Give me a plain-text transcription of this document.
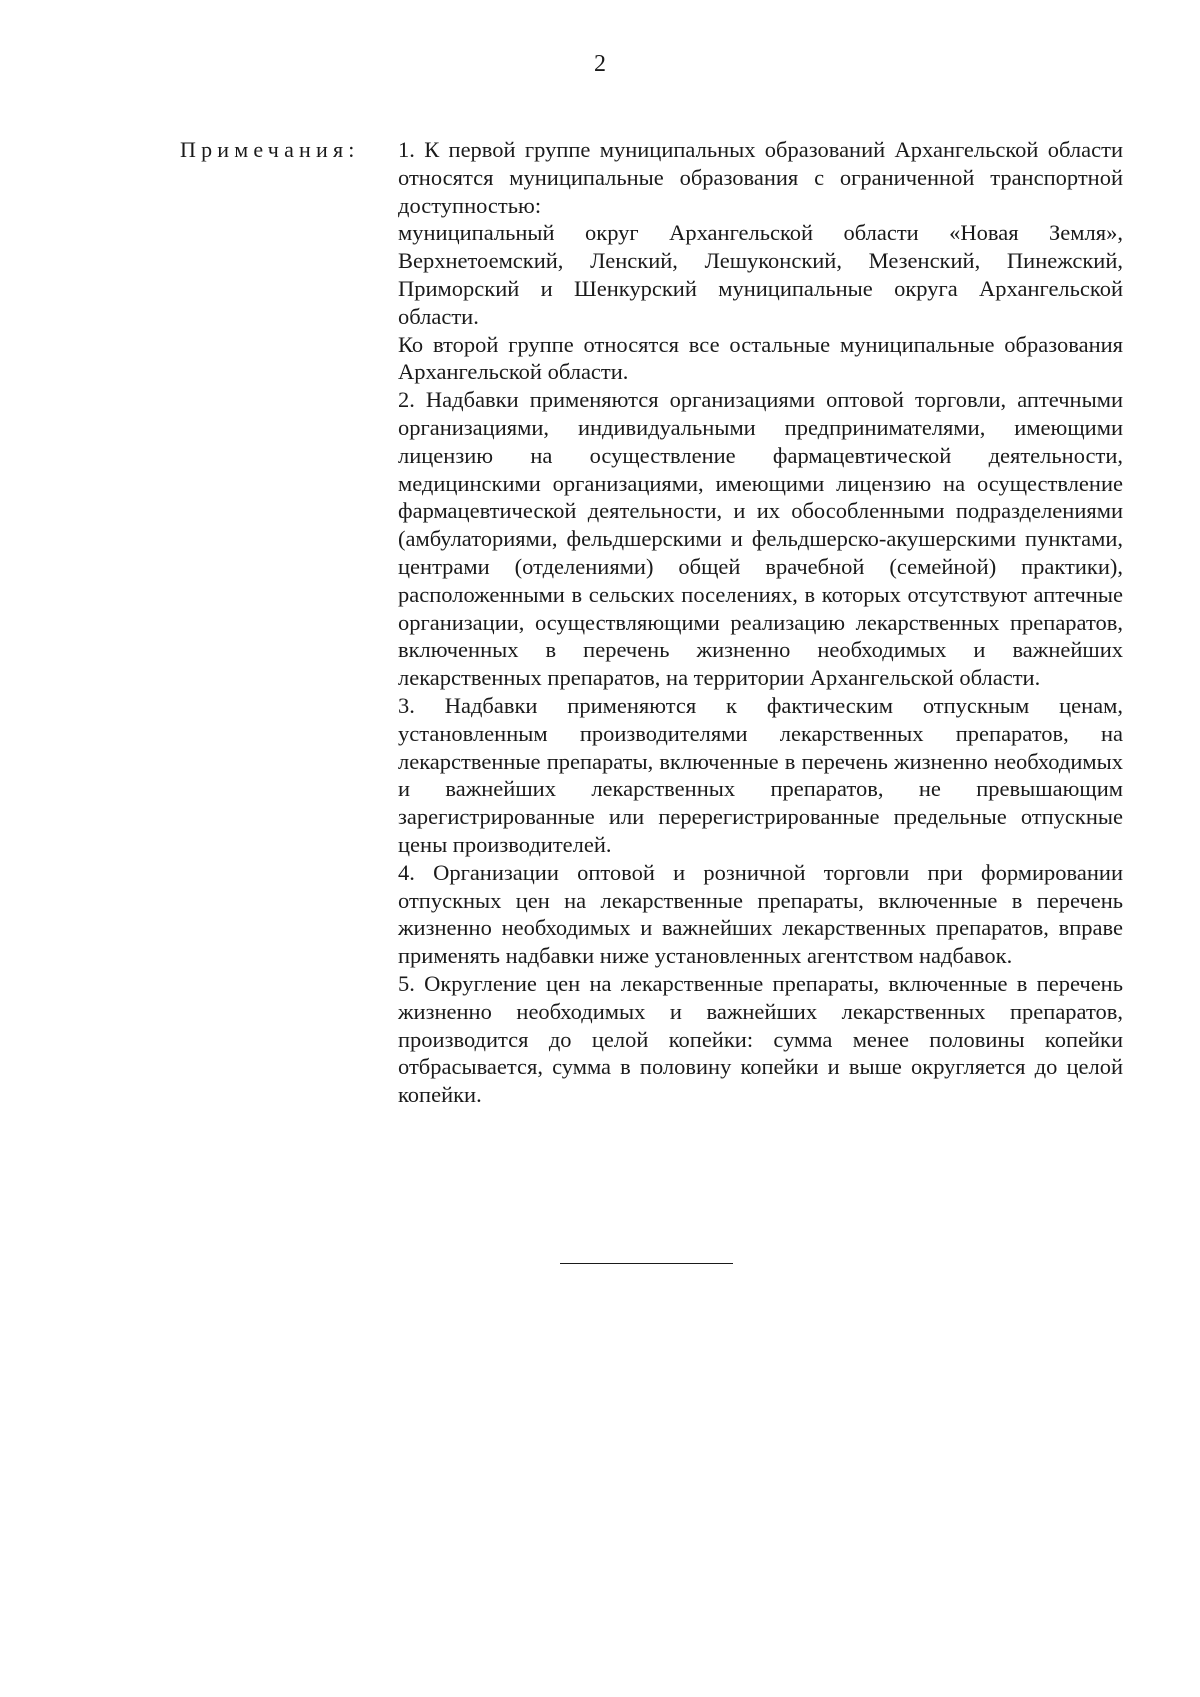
2
Примечания: 1. К первой группе муниципальных образований Архангельской области относятся муниципальные образования с ограниченной транспортной доступностью:

муниципальный округ Архангельской области «Новая Земля», Верхнетоемский, Ленский, Лешуконский, Мезенский, Пинежский, Приморский и Шенкурский муниципальные округа Архангельской области.

Ко второй группе относятся все остальные муниципальные образования Архангельской области.

2. Надбавки применяются организациями оптовой торговли, аптечными организациями, индивидуальными предпринимателями, имеющими лицензию на осуществление фармацевтической деятельности, медицинскими организациями, имеющими лицензию на осуществление фармацевтической деятельности, и их обособленными подразделениями (амбулаториями, фельдшерскими и фельдшерско-акушерскими пунктами, центрами (отделениями) общей врачебной (семейной) практики), расположенными в сельских поселениях, в которых отсутствуют аптечные организации, осуществляющими реализацию лекарственных препаратов, включенных в перечень жизненно необходимых и важнейших лекарственных препаратов, на территории Архангельской области.

3. Надбавки применяются к фактическим отпускным ценам, установленным производителями лекарственных препаратов, на лекарственные препараты, включенные в перечень жизненно необходимых и важнейших лекарственных препаратов, не превышающим зарегистрированные или перерегистрированные предельные отпускные цены производителей.

4. Организации оптовой и розничной торговли при формировании отпускных цен на лекарственные препараты, включенные в перечень жизненно необходимых и важнейших лекарственных препаратов, вправе применять надбавки ниже установленных агентством надбавок.

5. Округление цен на лекарственные препараты, включенные в перечень жизненно необходимых и важнейших лекарственных препаратов, производится до целой копейки: сумма менее половины копейки отбрасывается, сумма в половину копейки и выше округляется до целой копейки.
